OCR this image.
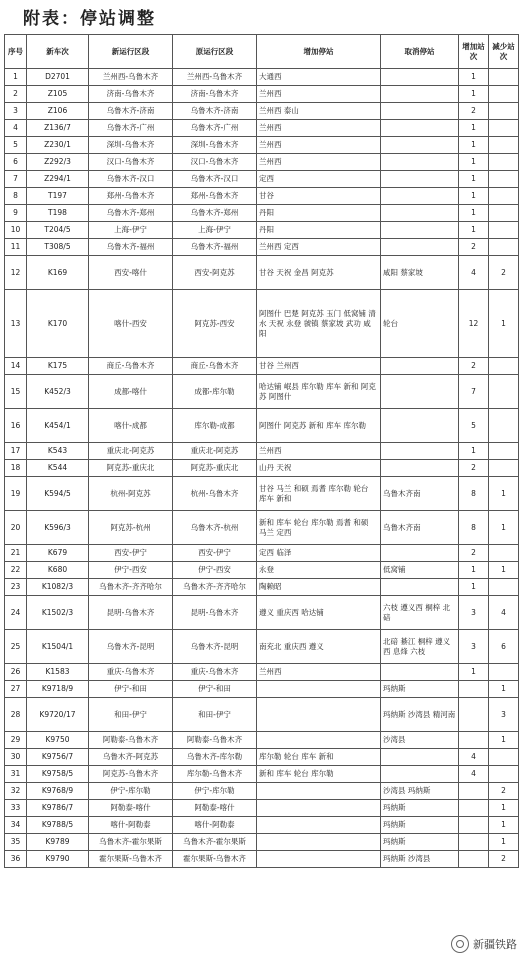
附表：停站调整
序号	新车次	新运行区段	原运行区段	增加停站	取消停站	增加站次	减少站次
1	D2701	兰州西-乌鲁木齐	兰州西-乌鲁木齐	大通西		1	
2	Z105	济南-乌鲁木齐	济南-乌鲁木齐	兰州西		1	
3	Z106	乌鲁木齐-济南	乌鲁木齐-济南	兰州西 泰山		2	
4	Z136/7	乌鲁木齐-广州	乌鲁木齐-广州	兰州西		1	
5	Z230/1	深圳-乌鲁木齐	深圳-乌鲁木齐	兰州西		1	
6	Z292/3	汉口-乌鲁木齐	汉口-乌鲁木齐	兰州西		1	
7	Z294/1	乌鲁木齐-汉口	乌鲁木齐-汉口	定西		1	
8	T197	郑州-乌鲁木齐	郑州-乌鲁木齐	甘谷		1	
9	T198	乌鲁木齐-郑州	乌鲁木齐-郑州	丹阳		1	
10	T204/5	上海-伊宁	上海-伊宁	丹阳		1	
11	T308/5	乌鲁木齐-福州	乌鲁木齐-福州	兰州西 定西		2	
12	K169	西安-喀什	西安-阿克苏	甘谷 天祝 金昌 阿克苏	咸阳 蔡家坡	4	2
13	K170	喀什-西安	阿克苏-西安	阿图什 巴楚 阿克苏 玉门 低窝铺 清水 天祝 永登 虢镇 蔡家坡 武功 咸阳	轮台	12	1
14	K175	商丘-乌鲁木齐	商丘-乌鲁木齐	甘谷 兰州西		2	
15	K452/3	成都-喀什	成都-库尔勒	哈达铺 岷县 库尔勒 库车 新和 阿克苏 阿图什		7	
16	K454/1	喀什-成都	库尔勒-成都	阿图什 阿克苏 新和 库车 库尔勒		5	
17	K543	重庆北-阿克苏	重庆北-阿克苏	兰州西		1	
18	K544	阿克苏-重庆北	阿克苏-重庆北	山丹 天祝		2	
19	K594/5	杭州-阿克苏	杭州-乌鲁木齐	甘谷 马兰 和硕 焉耆 库尔勒 轮台 库车 新和	乌鲁木齐南	8	1
20	K596/3	阿克苏-杭州	乌鲁木齐-杭州	新和 库车 轮台 库尔勒 焉耆 和硕 马兰 定西	乌鲁木齐南	8	1
21	K679	西安-伊宁	西安-伊宁	定西 临泽		2	
22	K680	伊宁-西安	伊宁-西安	永登	低窝铺	1	1
23	K1082/3	乌鲁木齐-齐齐哈尔	乌鲁木齐-齐齐哈尔	陶赖昭		1	
24	K1502/3	昆明-乌鲁木齐	昆明-乌鲁木齐	遵义 重庆西 哈达铺	六枝 遵义西 桐梓 北碚	3	4
25	K1504/1	乌鲁木齐-昆明	乌鲁木齐-昆明	南充北 重庆西 遵义	北碚 綦江 桐梓 遵义西 息烽 六枝	3	6
26	K1583	重庆-乌鲁木齐	重庆-乌鲁木齐	兰州西		1	
27	K9718/9	伊宁-和田	伊宁-和田		玛纳斯		1
28	K9720/17	和田-伊宁	和田-伊宁		玛纳斯 沙湾县 精河南		3
29	K9750	阿勒泰-乌鲁木齐	阿勒泰-乌鲁木齐		沙湾县		1
30	K9756/7	乌鲁木齐-阿克苏	乌鲁木齐-库尔勒	库尔勒 轮台 库车 新和		4	
31	K9758/5	阿克苏-乌鲁木齐	库尔勒-乌鲁木齐	新和 库车 轮台 库尔勒		4	
32	K9768/9	伊宁-库尔勒	伊宁-库尔勒		沙湾县 玛纳斯		2
33	K9786/7	阿勒泰-喀什	阿勒泰-喀什		玛纳斯		1
34	K9788/5	喀什-阿勒泰	喀什-阿勒泰		玛纳斯		1
35	K9789	乌鲁木齐-霍尔果斯	乌鲁木齐-霍尔果斯		玛纳斯		1
36	K9790	霍尔果斯-乌鲁木齐	霍尔果斯-乌鲁木齐		玛纳斯 沙湾县		2
新疆铁路
